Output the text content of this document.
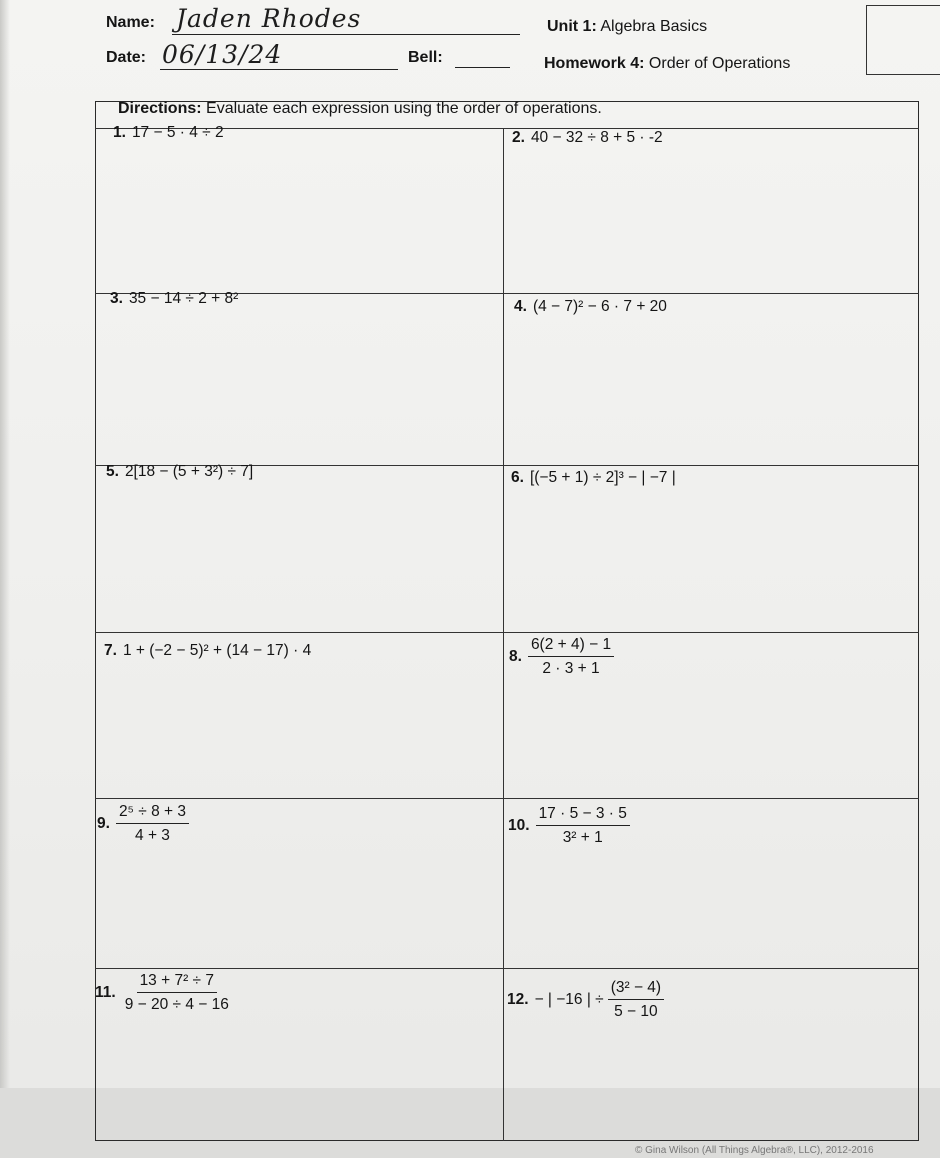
Name: Jaden Rhodes	Unit 1: Algebra Basics
Date: 06/13/24	Bell:	Homework 4: Order of Operations
Directions: Evaluate each expression using the order of operations.
1. 17 − 5 · 4 ÷ 2	2. 40 − 32 ÷ 8 + 5 · -2
3. 35 − 14 ÷ 2 + 8²	4. (4 − 7)² − 6 · 7 + 20
5. 2[18 − (5 + 3²) ÷ 7]	6. [(−5 + 1) ÷ 2]³ − | −7 |
7. 1 + (−2 − 5)² + (14 − 17) · 4	8. $\frac{6(2 + 4) - 1}{2 \cdot 3 + 1}$
9. $\frac{\text{2⁵ ÷ 8 + 3}}{4 + 3}$	10. $\frac{17 \cdot 5 - 3 \cdot 5}{\text{3² + 1}}$
11. $\frac{\text{13 + 7² ÷ 7}}{9 - 20 \div 4 - 16}$	12. − | −16 | ÷ $\frac{\text{(3² − 4)}}{5 - 10}$
© Gina Wilson (All Things Algebra®, LLC), 2012-2016
